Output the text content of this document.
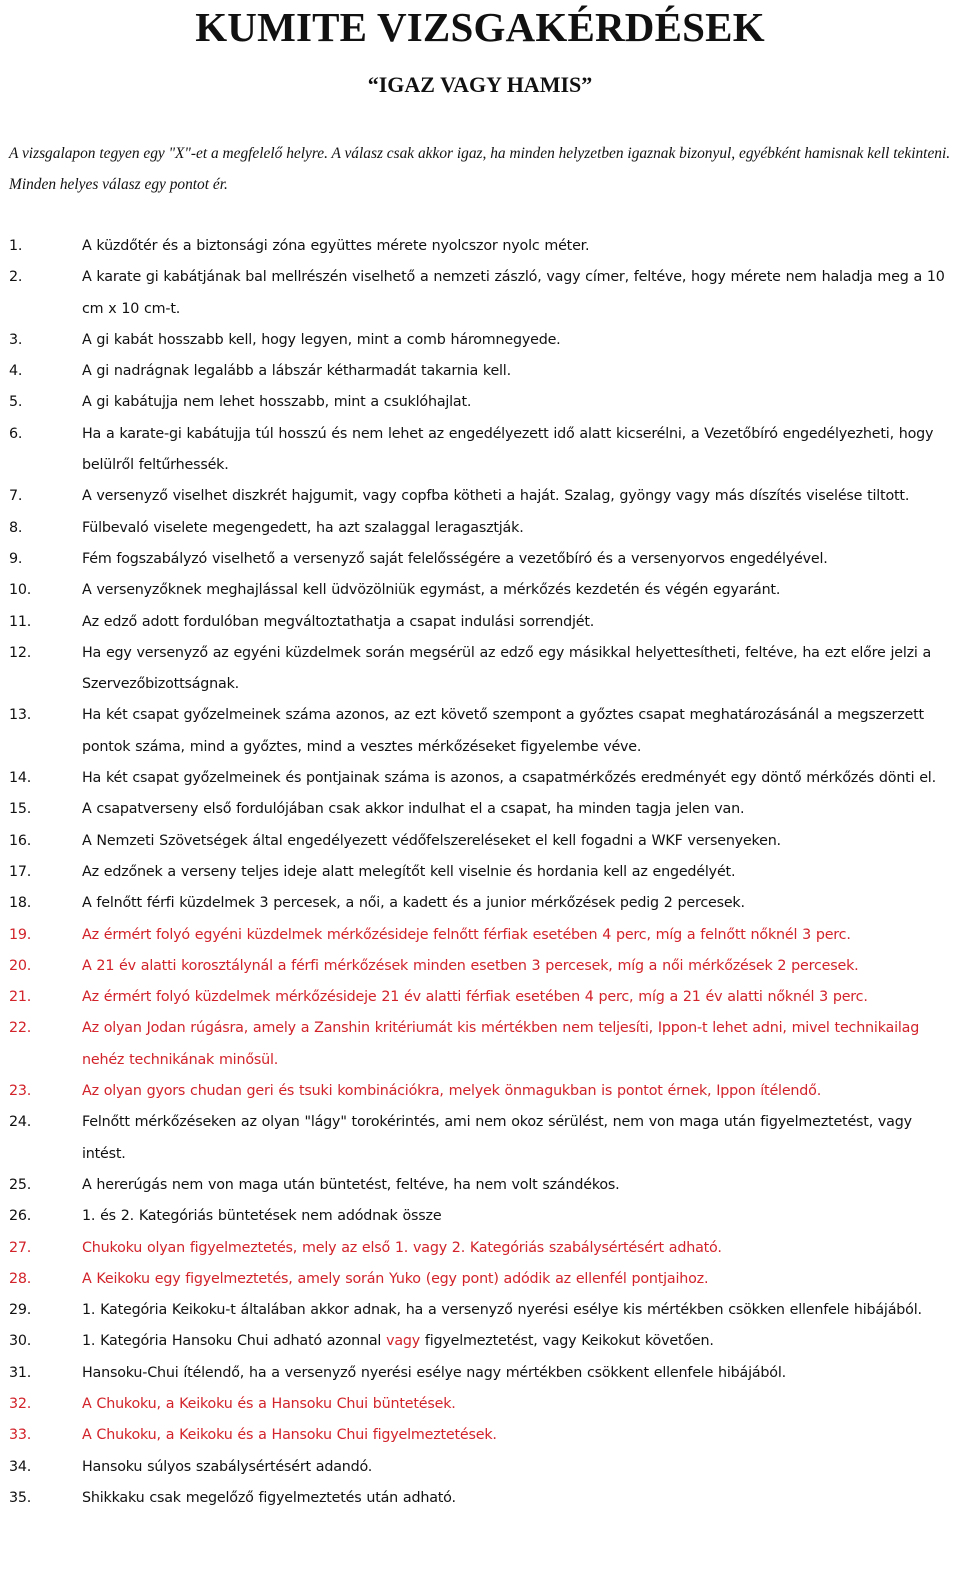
KUMITE VIZSGAKÉRDÉSEK
“IGAZ VAGY HAMIS”

A vizsgalapon tegyen egy "X"-et a megfelelő helyre. A válasz csak akkor igaz, ha minden helyzetben igaznak bizonyul, egyébként hamisnak kell tekinteni. Minden helyes válasz egy pontot ér.

1.	A küzdőtér és a biztonsági zóna együttes mérete nyolcszor nyolc méter.
2.	A karate gi kabátjának bal mellrészén viselhető a nemzeti zászló, vagy címer, feltéve, hogy mérete nem haladja meg a 10 cm x 10 cm-t.
3.	A gi kabát hosszabb kell, hogy legyen, mint a comb háromnegyede.
4.	A gi nadrágnak legalább a lábszár kétharmadát takarnia kell.
5.	A gi kabátujja nem lehet hosszabb, mint a csuklóhajlat.
6.	Ha a karate-gi kabátujja túl hosszú és nem lehet az engedélyezett idő alatt kicserélni, a Vezetőbíró engedélyezheti, hogy belülről feltűrhessék.
7.	A versenyző viselhet diszkrét hajgumit, vagy copfba kötheti a haját. Szalag, gyöngy vagy más díszítés viselése tiltott.
8.	Fülbevaló viselete megengedett, ha azt szalaggal leragasztják.
9.	Fém fogszabályzó viselhető a versenyző saját felelősségére a vezetőbíró és a versenyorvos engedélyével.
10.	A versenyzőknek meghajlással kell üdvözölniük egymást, a mérkőzés kezdetén és végén egyaránt.
11.	Az edző adott fordulóban megváltoztathatja a csapat indulási sorrendjét.
12.	Ha egy versenyző az egyéni küzdelmek során megsérül az edző egy másikkal helyettesítheti, feltéve, ha ezt előre jelzi a Szervezőbizottságnak.
13.	Ha két csapat győzelmeinek száma azonos, az ezt követő szempont a győztes csapat meghatározásánál a megszerzett pontok száma, mind a győztes, mind a vesztes mérkőzéseket figyelembe véve.
14.	Ha két csapat győzelmeinek és pontjainak száma is azonos, a csapatmérkőzés eredményét egy döntő mérkőzés dönti el.
15.	A csapatverseny első fordulójában csak akkor indulhat el a csapat, ha minden tagja jelen van.
16.	A Nemzeti Szövetségek által engedélyezett védőfelszereléseket el kell fogadni a WKF versenyeken.
17.	Az edzőnek a verseny teljes ideje alatt melegítőt kell viselnie és hordania kell az engedélyét.
18.	A felnőtt férfi küzdelmek 3 percesek, a női, a kadett és a junior mérkőzések pedig 2 percesek.
19.	Az érmért folyó egyéni küzdelmek mérkőzésideje felnőtt férfiak esetében 4 perc, míg a felnőtt nőknél 3 perc.
20.	A 21 év alatti korosztálynál a férfi mérkőzések minden esetben 3 percesek, míg a női mérkőzések 2 percesek.
21.	Az érmért folyó küzdelmek mérkőzésideje 21 év alatti férfiak esetében 4 perc, míg a 21 év alatti nőknél 3 perc.
22.	Az olyan Jodan rúgásra, amely a Zanshin kritériumát kis mértékben nem teljesíti, Ippon-t lehet adni, mivel technikailag nehéz technikának minősül.
23.	Az olyan gyors chudan geri és tsuki kombinációkra, melyek önmagukban is pontot érnek, Ippon ítélendő.
24.	Felnőtt mérkőzéseken az olyan "lágy" torokérintés, ami nem okoz sérülést, nem von maga után figyelmeztetést, vagy intést.
25.	A hererúgás nem von maga után büntetést, feltéve, ha nem volt szándékos.
26.	1. és 2. Kategóriás büntetések nem adódnak össze
27.	Chukoku olyan figyelmeztetés, mely az első 1. vagy 2. Kategóriás szabálysértésért adható.
28.	A Keikoku egy figyelmeztetés, amely során Yuko (egy pont) adódik az ellenfél pontjaihoz.
29.	1. Kategória Keikoku-t általában akkor adnak, ha a versenyző nyerési esélye kis mértékben csökken ellenfele hibájából.
30.	1. Kategória Hansoku Chui adható azonnal vagy figyelmeztetést, vagy Keikokut követően.
31.	Hansoku-Chui ítélendő, ha a versenyző nyerési esélye nagy mértékben csökkent ellenfele hibájából.
32.	A Chukoku, a Keikoku és a Hansoku Chui büntetések.
33.	A Chukoku, a Keikoku és a Hansoku Chui figyelmeztetések.
34.	Hansoku súlyos szabálysértésért adandó.
35.	Shikkaku csak megelőző figyelmeztetés után adható.
